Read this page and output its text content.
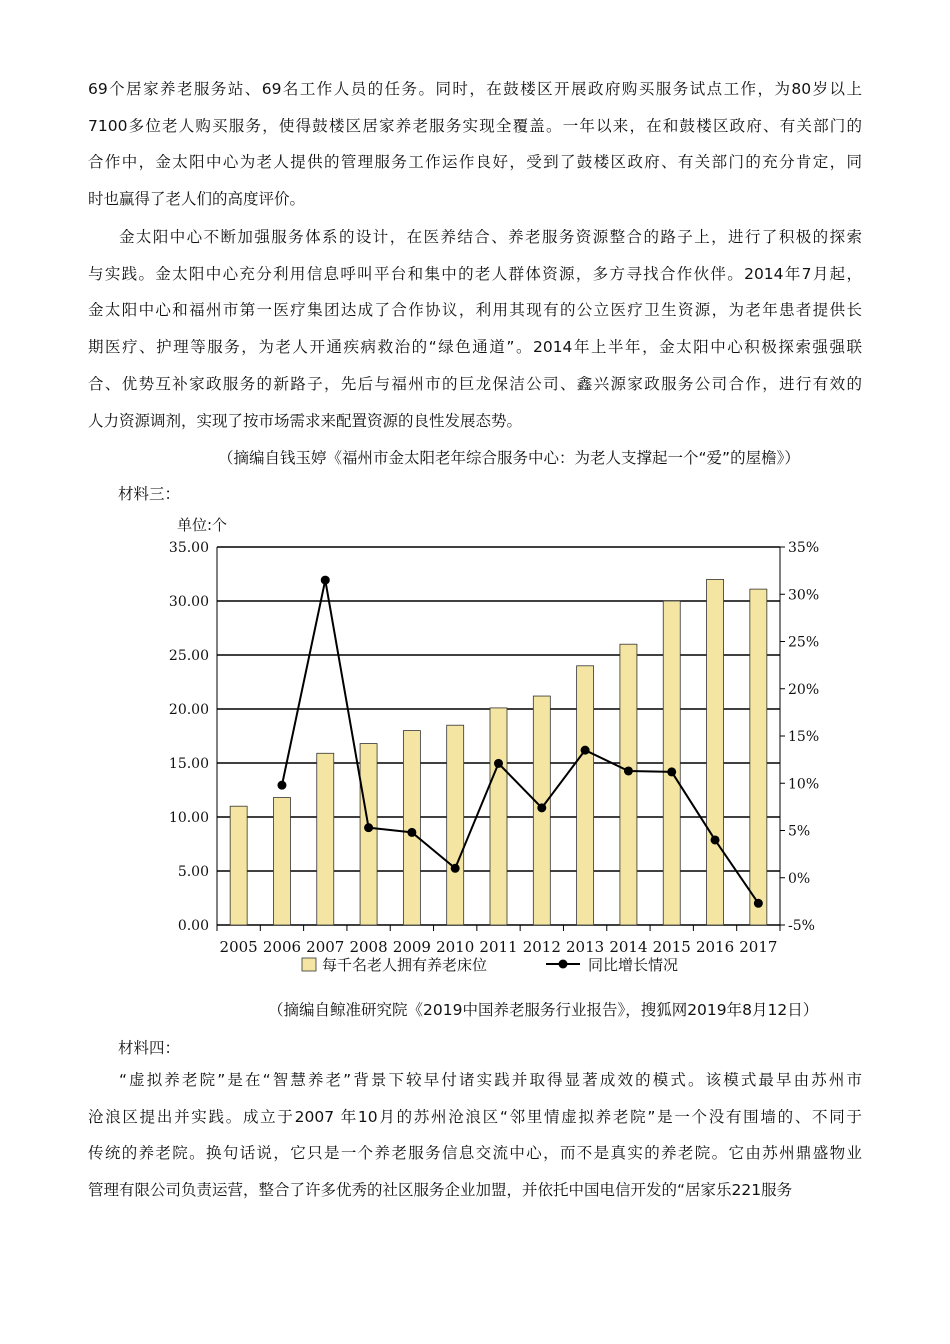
69个居家养老服务站、69名工作人员的任务。同时，在鼓楼区开展政府购买服务试点工作，为80岁以上

7100多位老人购买服务，使得鼓楼区居家养老服务实现全覆盖。一年以来，在和鼓楼区政府、有关部门的

合作中，金太阳中心为老人提供的管理服务工作运作良好，受到了鼓楼区政府、有关部门的充分肯定，同

时也赢得了老人们的高度评价。

金太阳中心不断加强服务体系的设计，在医养结合、养老服务资源整合的路子上，进行了积极的探索

与实践。金太阳中心充分利用信息呼叫平台和集中的老人群体资源，多方寻找合作伙伴。2014年7月起，

金太阳中心和福州市第一医疗集团达成了合作协议，利用其现有的公立医疗卫生资源，为老年患者提供长

期医疗、护理等服务，为老人开通疾病救治的“绿色通道”。2014年上半年，金太阳中心积极探索强强联

合、优势互补家政服务的新路子，先后与福州市的巨龙保洁公司、鑫兴源家政服务公司合作，进行有效的

人力资源调剂，实现了按市场需求来配置资源的良性发展态势。

（摘编自钱玉婷《福州市金太阳老年综合服务中心：为老人支撑起一个“爱”的屋檐》）

材料三：

单位:个
0.00
5.00
10.00
15.00
20.00
25.00
30.00
35.00
-5%
0%
5%
10%
15%
20%
25%
30%
35%
2005 2006 2007 2008 2009 2010 2011 2012 2013 2014 2015 2016 2017
每千名老人拥有养老床位	同比增长情况

（摘编自鲸准研究院《2019中国养老服务行业报告》，搜狐网2019年8月12日）

材料四：

“虚拟养老院”是在“智慧养老”背景下较早付诸实践并取得显著成效的模式。该模式最早由苏州市

沧浪区提出并实践。成立于2007 年10月的苏州沧浪区“邻里情虚拟养老院”是一个没有围墙的、不同于

传统的养老院。换句话说，它只是一个养老服务信息交流中心，而不是真实的养老院。它由苏州鼎盛物业

管理有限公司负责运营，整合了许多优秀的社区服务企业加盟，并依托中国电信开发的“居家乐221服务
